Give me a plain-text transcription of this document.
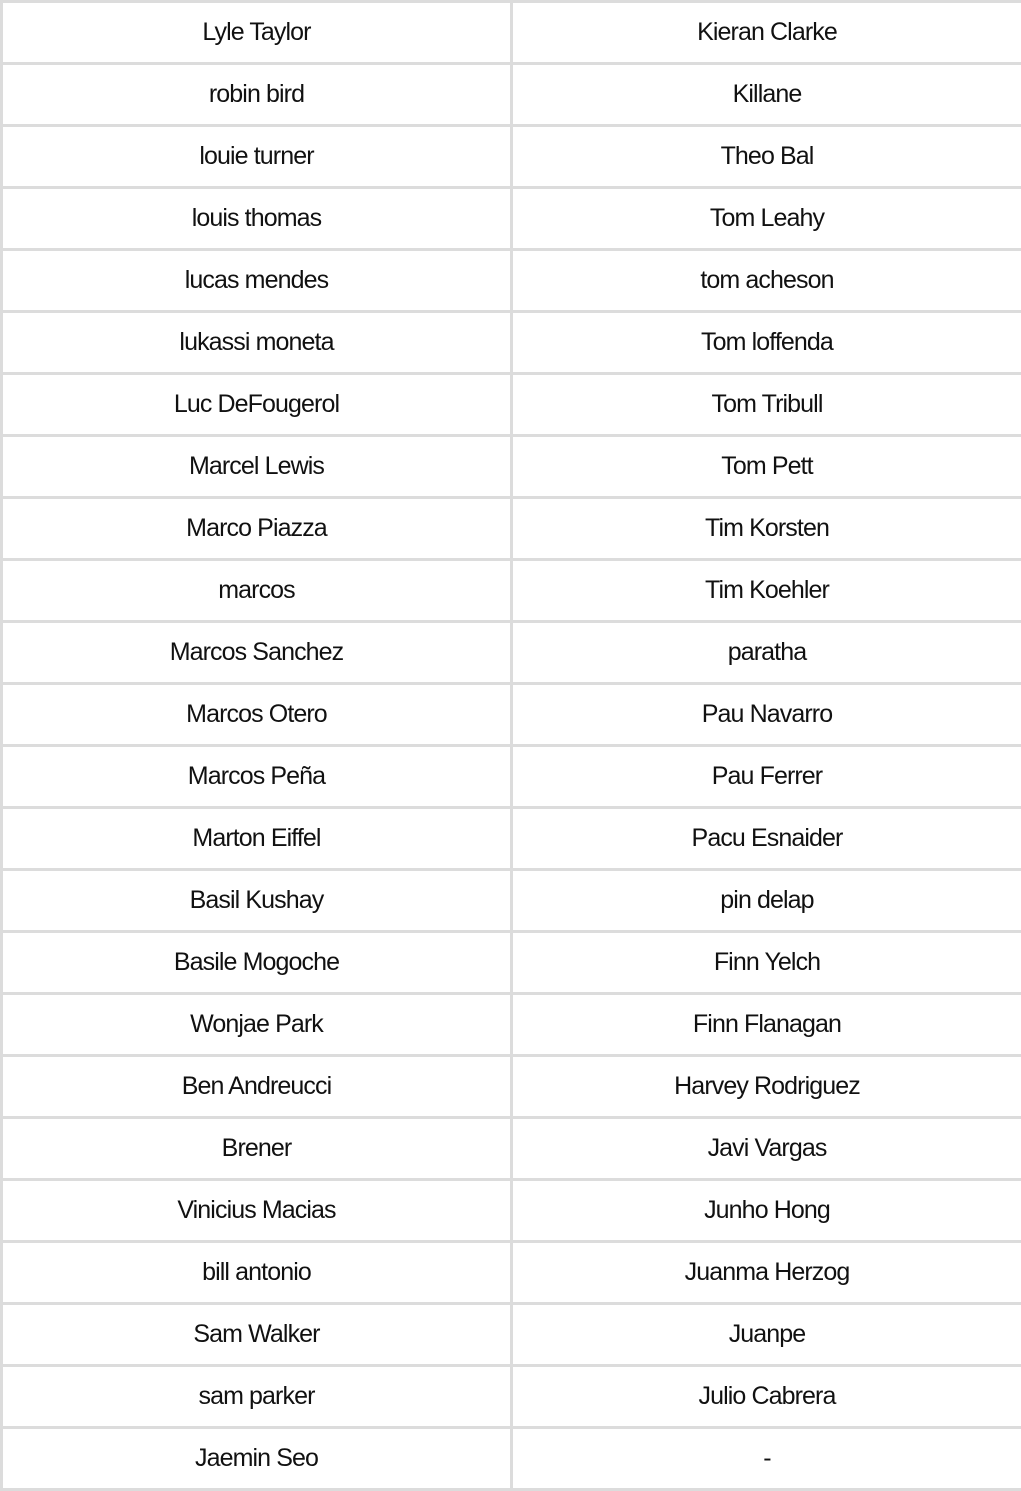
Lyle Taylor	Kieran Clarke
robin bird	Killane
louie turner	Theo Bal
louis thomas	Tom Leahy
lucas mendes	tom acheson
lukassi moneta	Tom loffenda
Luc DeFougerol	Tom Tribull
Marcel Lewis	Tom Pett
Marco Piazza	Tim Korsten
marcos	Tim Koehler
Marcos Sanchez	paratha
Marcos Otero	Pau Navarro
Marcos Peña	Pau Ferrer
Marton Eiffel	Pacu Esnaider
Basil Kushay	pin delap
Basile Mogoche	Finn Yelch
Wonjae Park	Finn Flanagan
Ben Andreucci	Harvey Rodriguez
Brener	Javi Vargas
Vinicius Macias	Junho Hong
bill antonio	Juanma Herzog
Sam Walker	Juanpe
sam parker	Julio Cabrera
Jaemin Seo	-
